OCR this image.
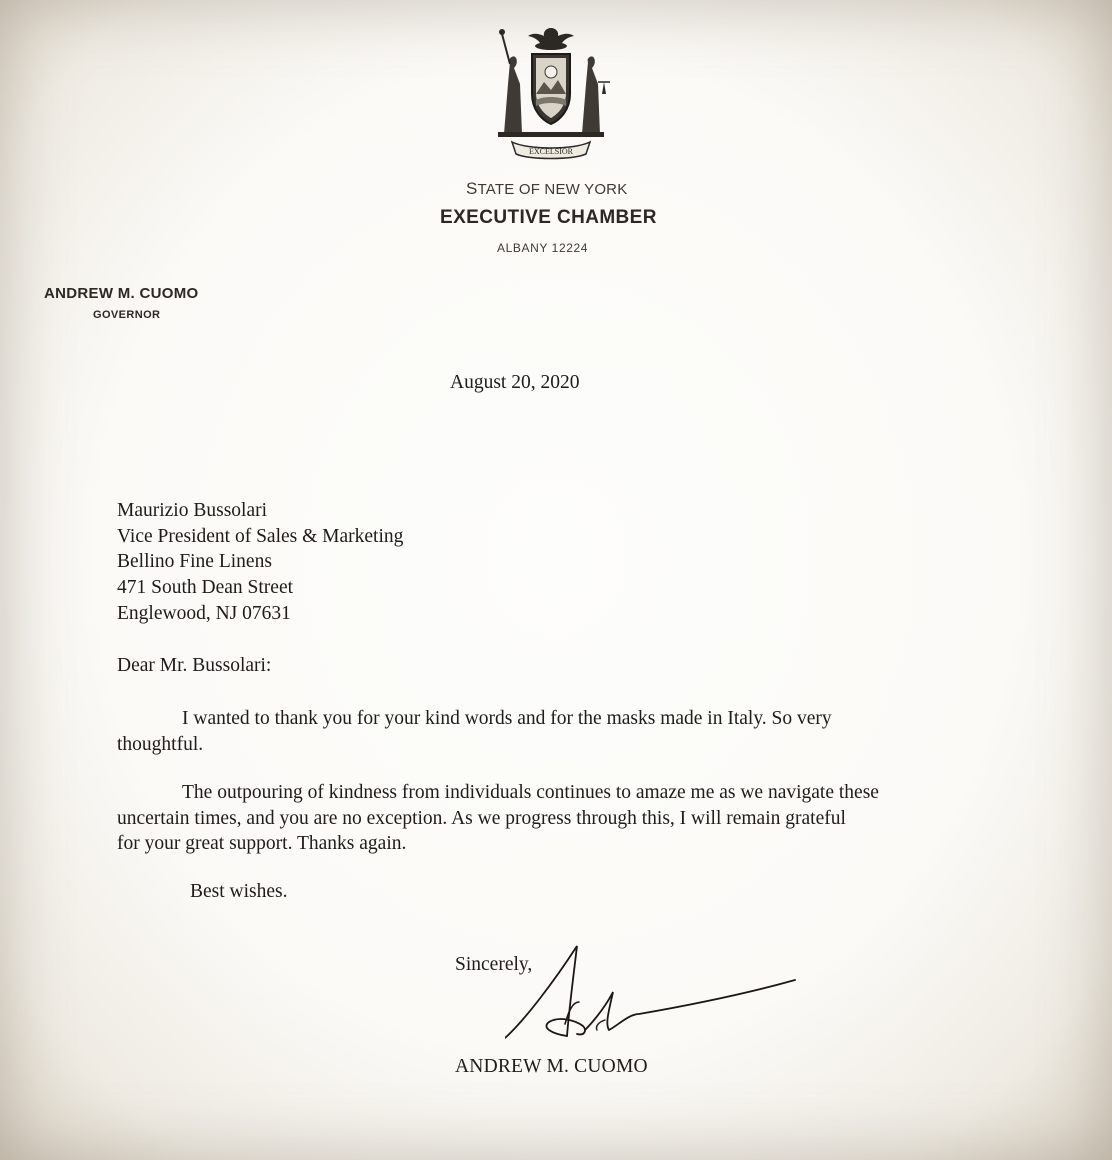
EXCELSIOR
STATE OF NEW YORK
EXECUTIVE CHAMBER
ALBANY 12224
ANDREW M. CUOMO
GOVERNOR
August 20, 2020
Maurizio Bussolari
Vice President of Sales & Marketing
Bellino Fine Linens
471 South Dean Street
Englewood, NJ 07631
Dear Mr. Bussolari:
I wanted to thank you for your kind words and for the masks made in Italy. So very
thoughtful.
The outpouring of kindness from individuals continues to amaze me as we navigate these
uncertain times, and you are no exception. As we progress through this, I will remain grateful
for your great support. Thanks again.
Best wishes.
Sincerely,
ANDREW M. CUOMO
